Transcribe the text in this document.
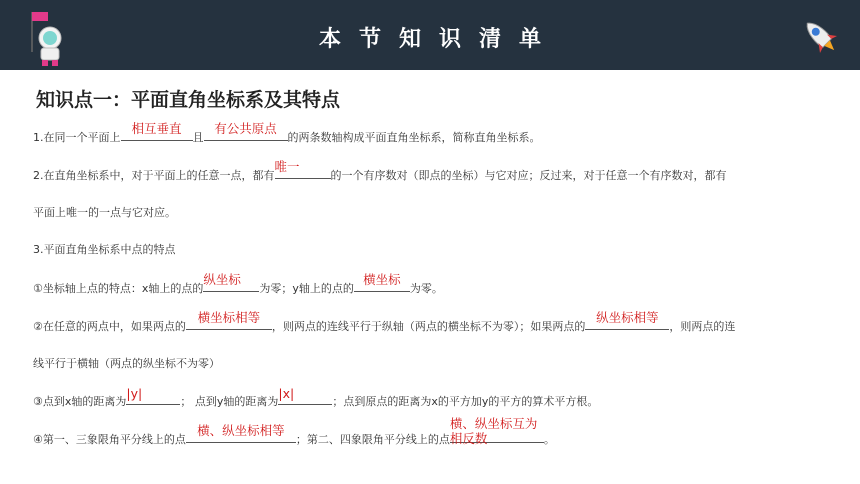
本节知识清单
知识点一：平面直角坐标系及其特点
1.在同一个平面上
相互垂直
且
有公共原点
的两条数轴构成平面直角坐标系，简称直角坐标系。
2.在直角坐标系中，对于平面上的任意一点，都有
唯一
的一个有序数对（即点的坐标）与它对应；反过来，对于任意一个有序数对，都有
平面上唯一的一点与它对应。
3.平面直角坐标系中点的特点
①坐标轴上点的特点：x轴上的点的
纵坐标
为零；y轴上的点的
横坐标
为零。
②在任意的两点中，如果两点的
横坐标相等
，则两点的连线平行于纵轴（两点的横坐标不为零）；如果两点的
纵坐标相等
，则两点的连
线平行于横轴（两点的纵坐标不为零）
③点到x轴的距离为
|y|
； 点到y轴的距离为
|x|
；点到原点的距离为x的平方加y的平方的算术平方根。
④第一、三象限角平分线上的点
横、纵坐标相等
；第二、四象限角平分线上的点
横、纵坐标互为相反数	。
